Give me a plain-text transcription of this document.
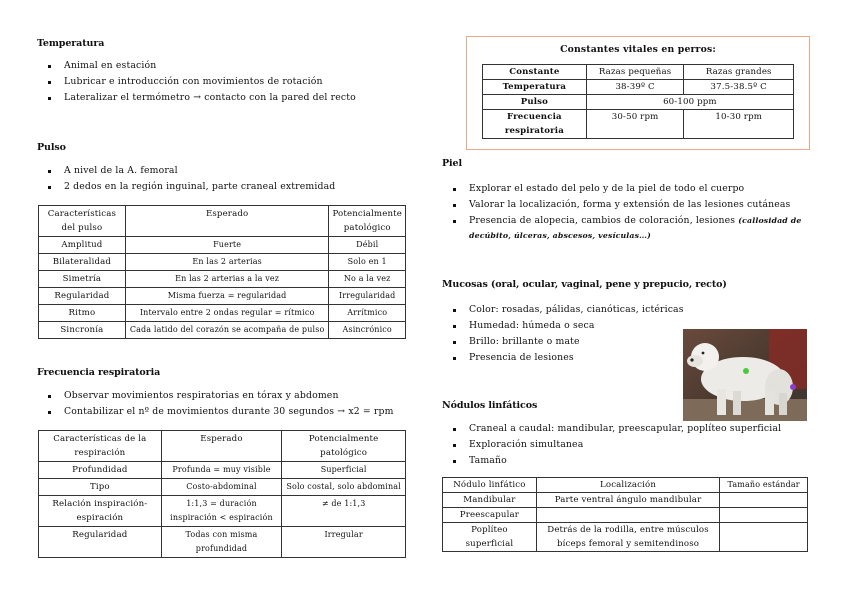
Temperatura
Animal en estación
Lubricar e introducción con movimientos de rotación
Lateralizar el termómetro → contacto con la pared del recto
Pulso
A nivel de la A. femoral
2 dedos en la región inguinal, parte craneal extremidad
Características del pulso	Esperado	Potencialmente patológico
Amplitud	Fuerte	Débil
Bilateralidad	En las 2 arterias	Solo en 1
Simetría	En las 2 arterias a la vez	No a la vez
Regularidad	Misma fuerza = regularidad	Irregularidad
Ritmo	Intervalo entre 2 ondas regular = rítmico	Arrítmico
Sincronía	Cada latido del corazón se acompaña de pulso	Asincrónico
Frecuencia respiratoria
Observar movimientos respiratorias en tórax y abdomen
Contabilizar el nº de movimientos durante 30 segundos → x2 = rpm
Características de la respiración	Esperado	Potencialmente patológico
Profundidad	Profunda = muy visible	Superficial
Tipo	Costo-abdominal	Solo costal, solo abdominal
Relación inspiración-espiración	1:1,3 = duración inspiración < espiración	≠ de 1:1,3
Regularidad	Todas con misma profundidad	Irregular
Constantes vitales en perros:
Constante	Razas pequeñas	Razas grandes
Temperatura	38-39º C	37.5-38.5º C
Pulso	60-100 ppm	
Frecuencia respiratoria	30-50 rpm	10-30 rpm
Piel
Explorar el estado del pelo y de la piel de todo el cuerpo
Valorar la localización, forma y extensión de las lesiones cutáneas
Presencia de alopecia, cambios de coloración, lesiones (callosidad de decúbito, úlceras, abscesos, vesículas…)
Mucosas (oral, ocular, vaginal, pene y prepucio, recto)
Color: rosadas, pálidas, cianóticas, ictéricas
Humedad: húmeda o seca
Brillo: brillante o mate
Presencia de lesiones
Nódulos linfáticos
Craneal a caudal: mandibular, preescapular, poplíteo superficial
Exploración simultanea
Tamaño
Nódulo linfático	Localización	Tamaño estándar
Mandibular	Parte ventral ángulo mandibular	
Preescapular		
Poplíteo superficial	Detrás de la rodilla, entre músculos bíceps femoral y semitendinoso	
